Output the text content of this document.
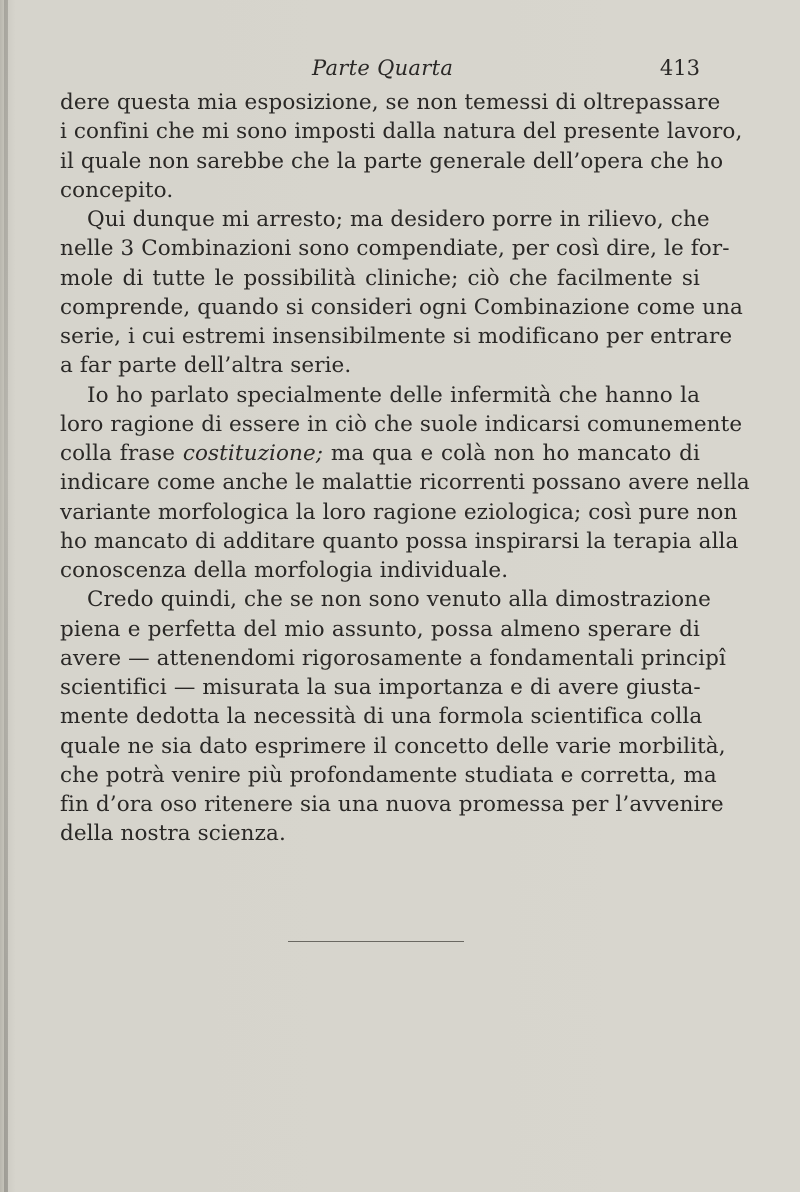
Parte Quarta	413
dere questa mia esposizione, se non temessi di oltrepassare
i confini che mi sono imposti dalla natura del presente lavoro,
il quale non sarebbe che la parte generale dell’opera che ho
concepito.
Qui dunque mi arresto; ma desidero porre in rilievo, che
nelle 3 Combinazioni sono compendiate, per così dire, le for-
mole di tutte le possibilità cliniche; ciò che facilmente si
comprende, quando si consideri ogni Combinazione come una
serie, i cui estremi insensibilmente si modificano per entrare
a far parte dell’altra serie.
Io ho parlato specialmente delle infermità che hanno la
loro ragione di essere in ciò che suole indicarsi comunemente
colla frase costituzione; ma qua e colà non ho mancato di
indicare come anche le malattie ricorrenti possano avere nella
variante morfologica la loro ragione eziologica; così pure non
ho mancato di additare quanto possa inspirarsi la terapia alla
conoscenza della morfologia individuale.
Credo quindi, che se non sono venuto alla dimostrazione
piena e perfetta del mio assunto, possa almeno sperare di
avere — attenendomi rigorosamente a fondamentali principî
scientifici — misurata la sua importanza e di avere giusta-
mente dedotta la necessità di una formola scientifica colla
quale ne sia dato esprimere il concetto delle varie morbilità,
che potrà venire più profondamente studiata e corretta, ma
fin d’ora oso ritenere sia una nuova promessa per l’avvenire
della nostra scienza.
